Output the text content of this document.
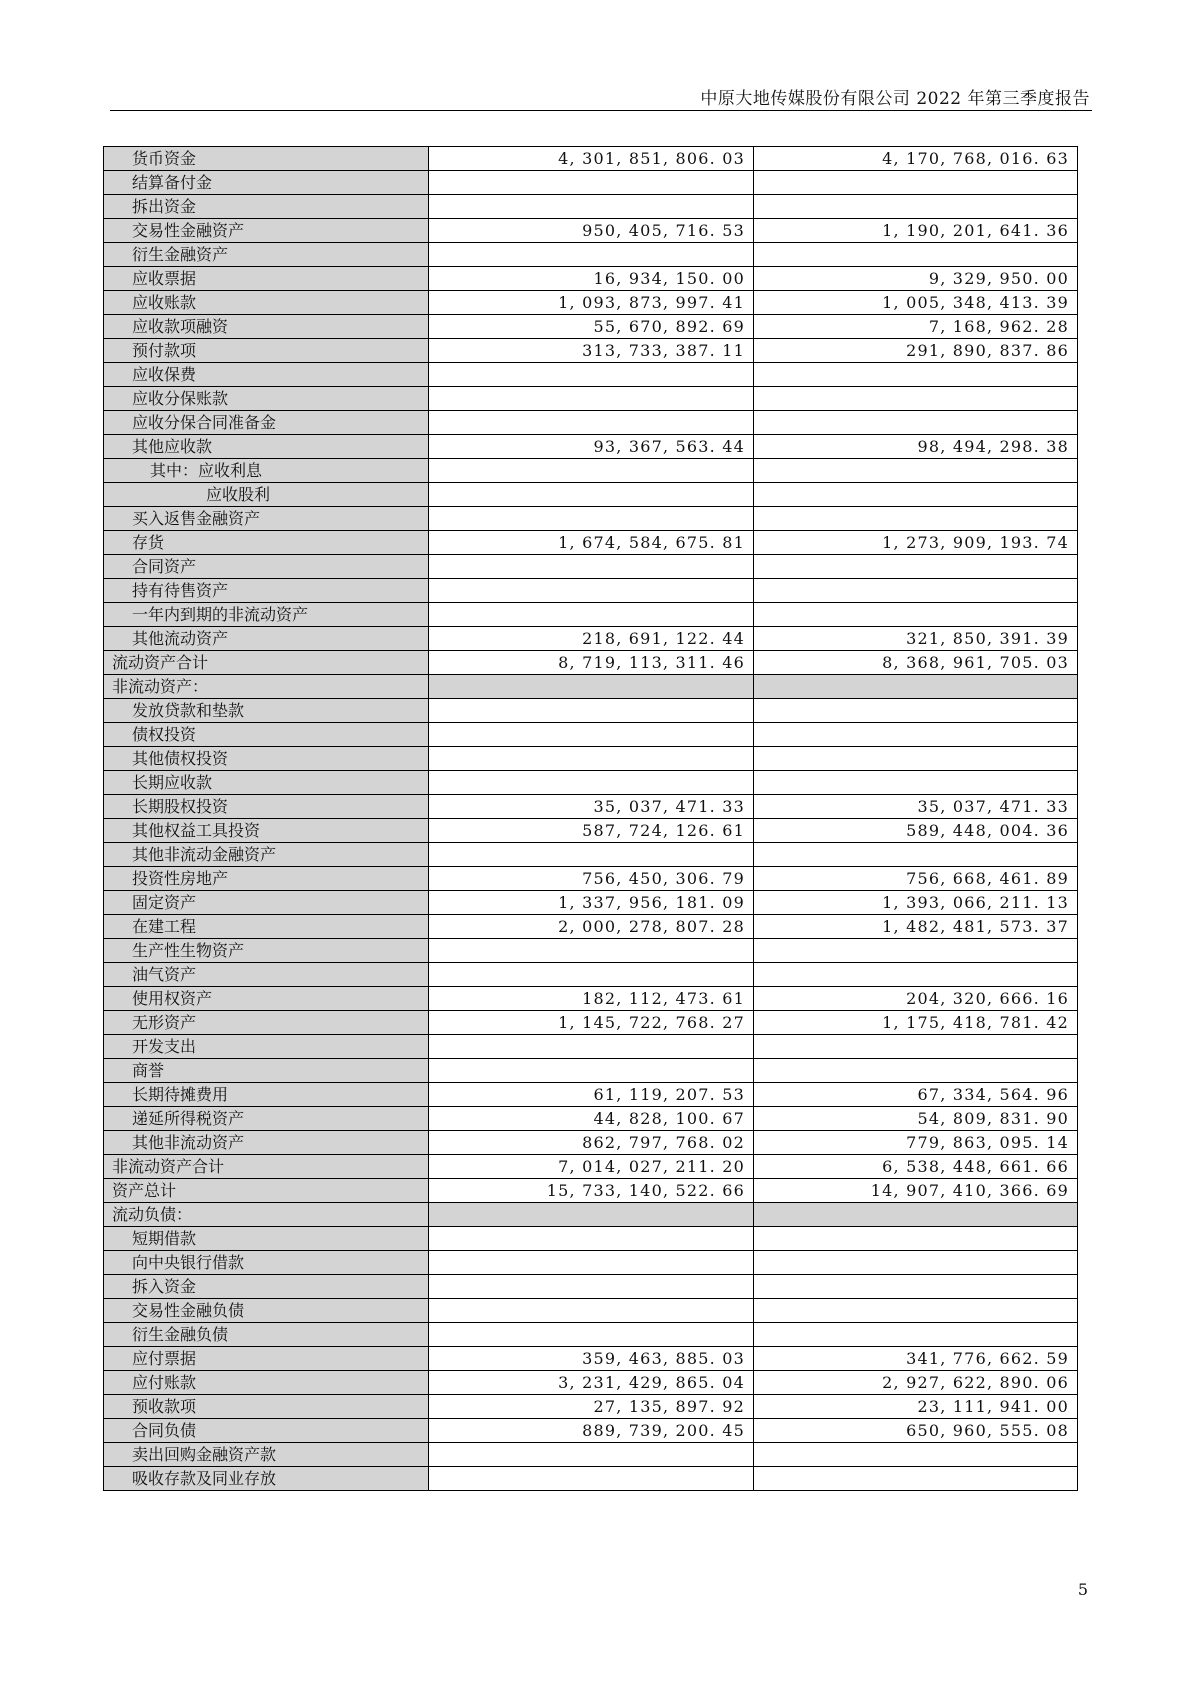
中原大地传媒股份有限公司 2022 年第三季度报告
货币资金	4, 301, 851, 806. 03	4, 170, 768, 016. 63
结算备付金		
拆出资金		
交易性金融资产	950, 405, 716. 53	1, 190, 201, 641. 36
衍生金融资产		
应收票据	16, 934, 150. 00	9, 329, 950. 00
应收账款	1, 093, 873, 997. 41	1, 005, 348, 413. 39
应收款项融资	55, 670, 892. 69	7, 168, 962. 28
预付款项	313, 733, 387. 11	291, 890, 837. 86
应收保费		
应收分保账款		
应收分保合同准备金		
其他应收款	93, 367, 563. 44	98, 494, 298. 38
其中：应收利息		
应收股利		
买入返售金融资产		
存货	1, 674, 584, 675. 81	1, 273, 909, 193. 74
合同资产		
持有待售资产		
一年内到期的非流动资产		
其他流动资产	218, 691, 122. 44	321, 850, 391. 39
流动资产合计	8, 719, 113, 311. 46	8, 368, 961, 705. 03
非流动资产：		
发放贷款和垫款		
债权投资		
其他债权投资		
长期应收款		
长期股权投资	35, 037, 471. 33	35, 037, 471. 33
其他权益工具投资	587, 724, 126. 61	589, 448, 004. 36
其他非流动金融资产		
投资性房地产	756, 450, 306. 79	756, 668, 461. 89
固定资产	1, 337, 956, 181. 09	1, 393, 066, 211. 13
在建工程	2, 000, 278, 807. 28	1, 482, 481, 573. 37
生产性生物资产		
油气资产		
使用权资产	182, 112, 473. 61	204, 320, 666. 16
无形资产	1, 145, 722, 768. 27	1, 175, 418, 781. 42
开发支出		
商誉		
长期待摊费用	61, 119, 207. 53	67, 334, 564. 96
递延所得税资产	44, 828, 100. 67	54, 809, 831. 90
其他非流动资产	862, 797, 768. 02	779, 863, 095. 14
非流动资产合计	7, 014, 027, 211. 20	6, 538, 448, 661. 66
资产总计	15, 733, 140, 522. 66	14, 907, 410, 366. 69
流动负债：		
短期借款		
向中央银行借款		
拆入资金		
交易性金融负债		
衍生金融负债		
应付票据	359, 463, 885. 03	341, 776, 662. 59
应付账款	3, 231, 429, 865. 04	2, 927, 622, 890. 06
预收款项	27, 135, 897. 92	23, 111, 941. 00
合同负债	889, 739, 200. 45	650, 960, 555. 08
卖出回购金融资产款		
吸收存款及同业存放		
5
